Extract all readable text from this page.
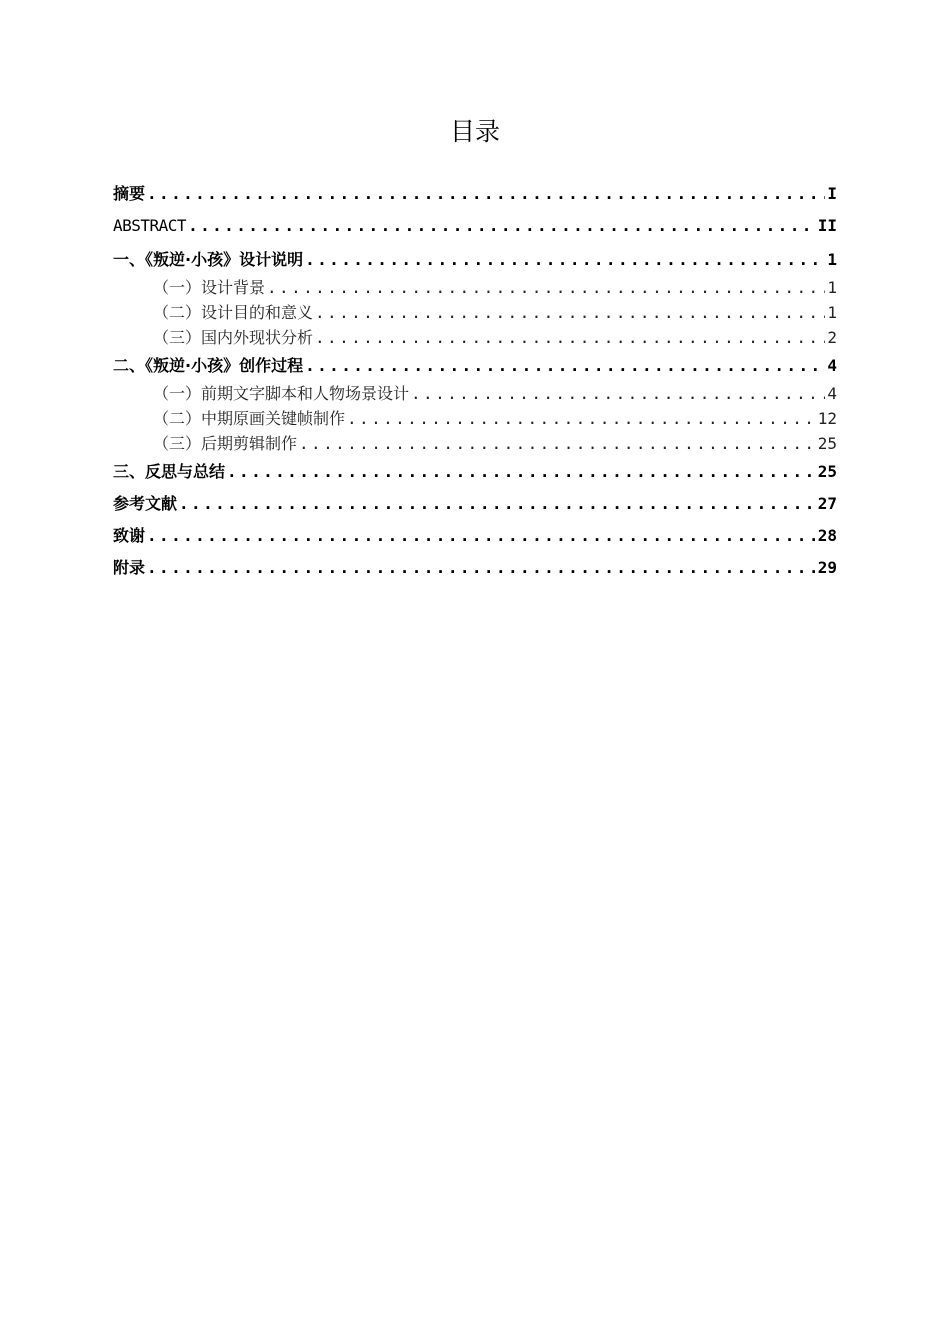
目录
摘要 .....	I
ABSTRACT .....	II
一、《叛逆·小孩》设计说明 .....	1
（一）设计背景 .....	1
（二）设计目的和意义 .....	1
（三）国内外现状分析 .....	2
二、《叛逆·小孩》创作过程 .....	4
（一）前期文字脚本和人物场景设计 .....	4
（二）中期原画关键帧制作 .....	12
（三）后期剪辑制作 .....	25
三、反思与总结 .....	25
参考文献 .....	27
致谢 .....	28
附录 .....	29
